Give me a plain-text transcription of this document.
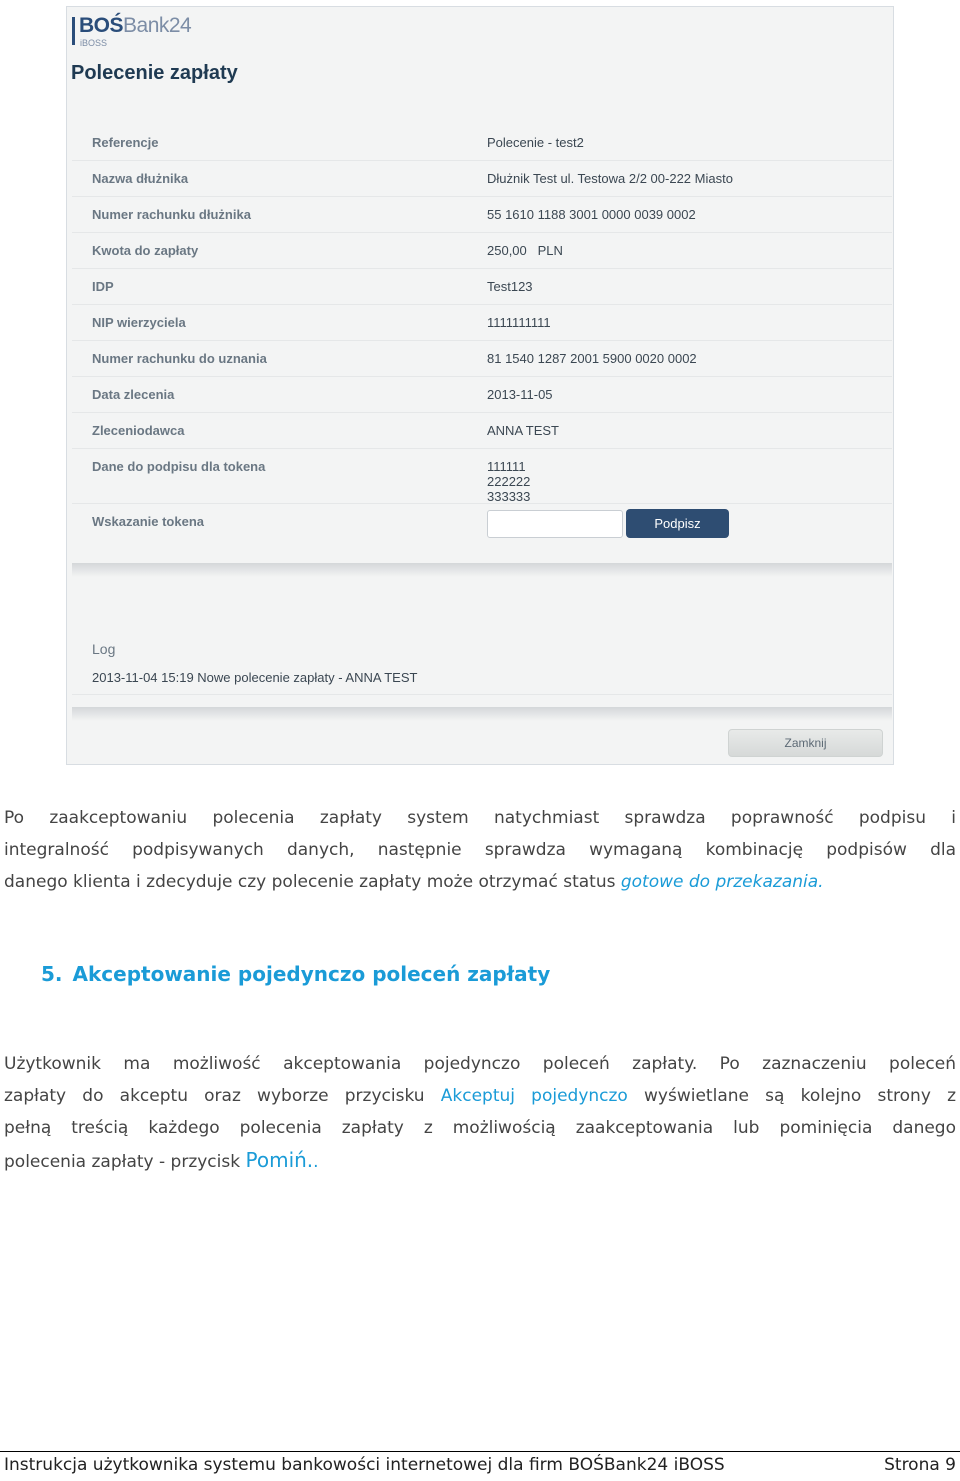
BOŚBank24
iBOSS
Polecenie zapłaty
Referencje	Polecenie - test2
Nazwa dłużnika	Dłużnik Test ul. Testowa 2/2 00-222 Miasto
Numer rachunku dłużnika	55 1610 1188 3001 0000 0039 0002
Kwota do zapłaty	250,00   PLN
IDP	Test123
NIP wierzyciela	1111111111
Numer rachunku do uznania	81 1540 1287 2001 5900 0020 0002
Data zlecenia	2013-11-05
Zleceniodawca	ANNA TEST
Dane do podpisu dla tokena	111111
222222
333333
Wskazanie tokena	Podpisz
Log
2013-11-04 15:19 Nowe polecenie zapłaty - ANNA TEST
Zamknij
Po zaakceptowaniu polecenia zapłaty system natychmiast sprawdza poprawność podpisu i
integralność podpisywanych danych, następnie sprawdza wymaganą kombinację podpisów dla
danego klienta i zdecyduje czy polecenie zapłaty może otrzymać status gotowe do przekazania.
5. Akceptowanie pojedynczo poleceń zapłaty
Użytkownik ma możliwość akceptowania pojedynczo poleceń zapłaty. Po zaznaczeniu poleceń
zapłaty do akceptu oraz wyborze przycisku Akceptuj pojedynczo wyświetlane są kolejno strony z
pełną treścią każdego polecenia zapłaty z możliwością zaakceptowania lub pominięcia danego
polecenia zapłaty - przycisk Pomiń..
Instrukcja użytkownika systemu bankowości internetowej dla firm BOŚBank24 iBOSS	Strona 9
